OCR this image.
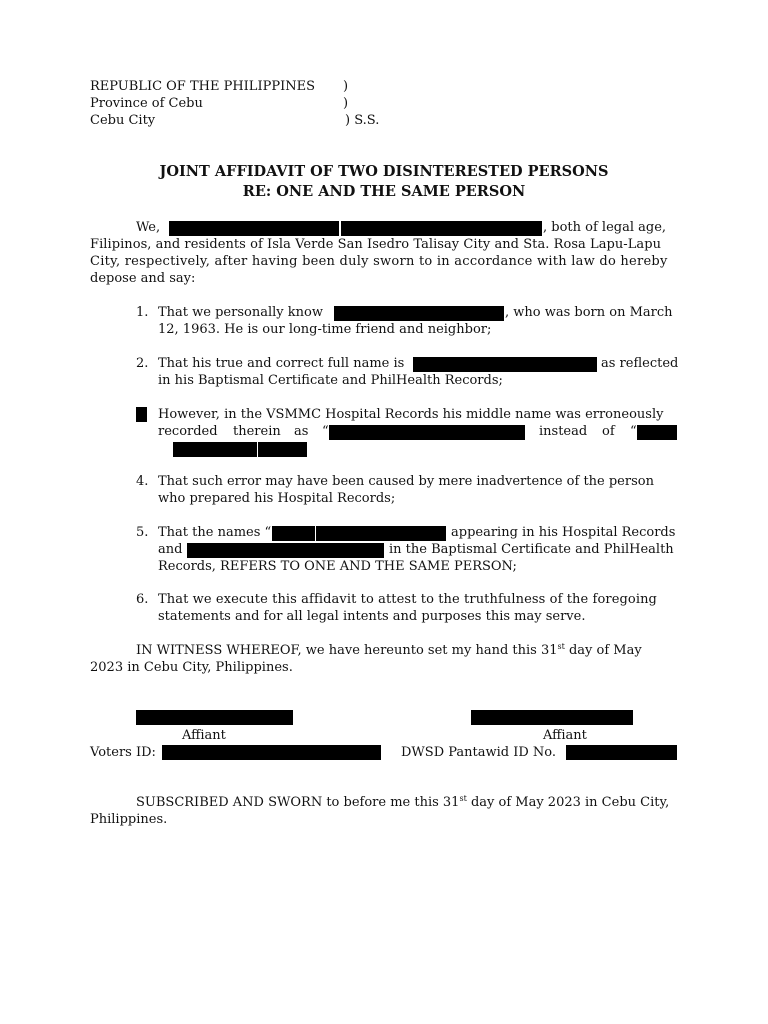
REPUBLIC OF THE PHILIPPINES
Province of Cebu
Cebu City
)
)
) S.S.
JOINT AFFIDAVIT OF TWO DISINTERESTED PERSONS
RE: ONE AND THE SAME PERSON
We,	, both of legal age,
Filipinos, and residents of Isla Verde San Isedro Talisay City and Sta. Rosa Lapu-Lapu
City, respectively, after having been duly sworn to in accordance with law do hereby
depose and say:
1. That we personally know	, who was born on March
12, 1963. He is our long-time friend and neighbor;
2. That his true and correct full name is	as reflected
in his Baptismal Certificate and PhilHealth Records;
However, in the VSMMC Hospital Records his middle name was erroneously
recorded therein as “	instead of “
4. That such error may have been caused by mere inadvertence of the person
who prepared his Hospital Records;
5. That the names “	appearing in his Hospital Records
and	in the Baptismal Certificate and PhilHealth
Records, REFERS TO ONE AND THE SAME PERSON;
6. That we execute this affidavit to attest to the truthfulness of the foregoing
statements and for all legal intents and purposes this may serve.
IN WITNESS WHEREOF, we have hereunto set my hand this 31st day of May
2023 in Cebu City, Philippines.
Affiant	Affiant
Voters ID:	DWSD Pantawid ID No.
SUBSCRIBED AND SWORN to before me this 31st day of May 2023 in Cebu City,
Philippines.
